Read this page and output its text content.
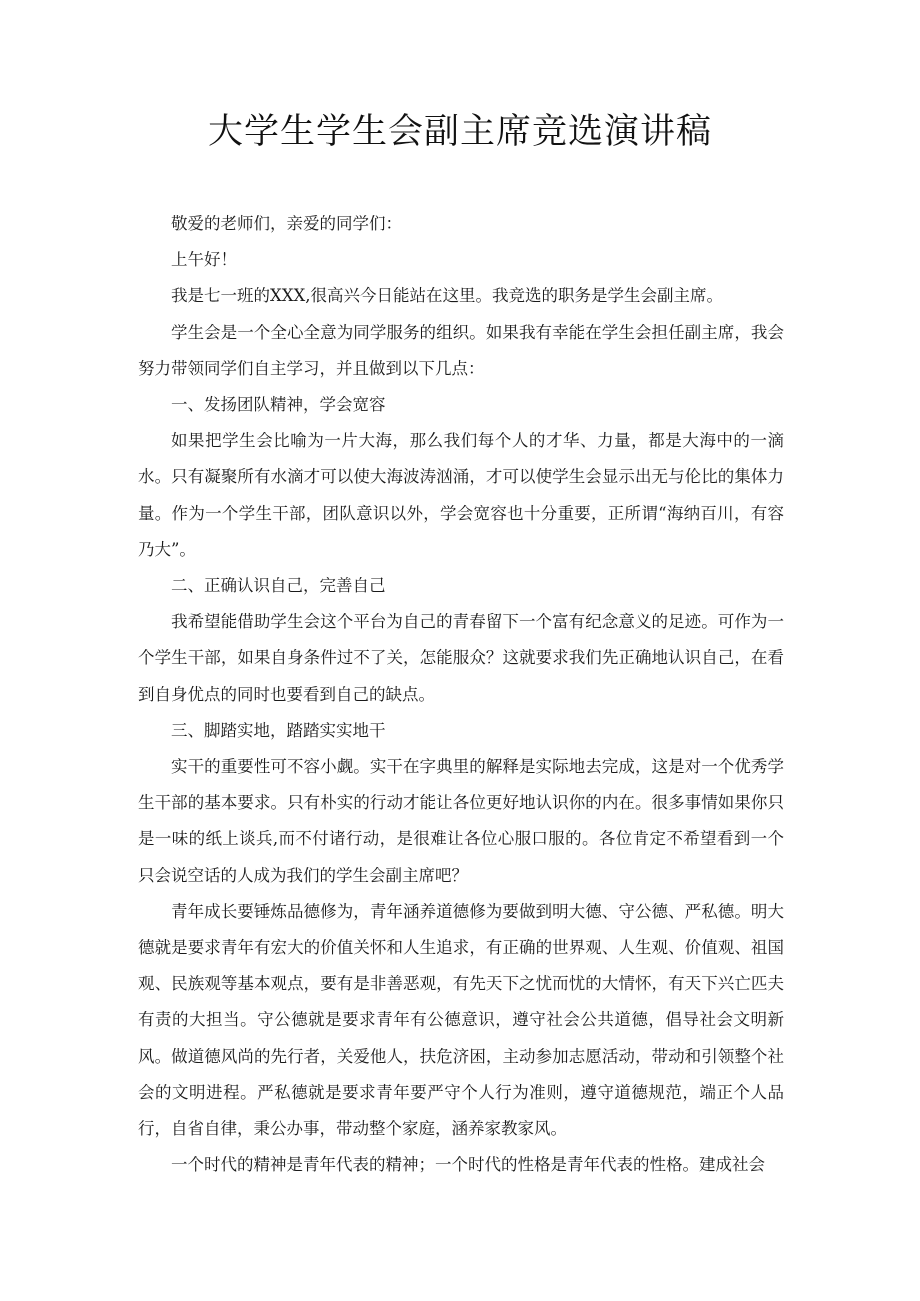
大学生学生会副主席竞选演讲稿

敬爱的老师们，亲爱的同学们：

上午好！

我是七一班的XXX,很高兴今日能站在这里。我竞选的职务是学生会副主席。

学生会是一个全心全意为同学服务的组织。如果我有幸能在学生会担任副主席，我会努力带领同学们自主学习，并且做到以下几点：

一、发扬团队精神，学会宽容

如果把学生会比喻为一片大海，那么我们每个人的才华、力量，都是大海中的一滴水。只有凝聚所有水滴才可以使大海波涛汹涌，才可以使学生会显示出无与伦比的集体力量。作为一个学生干部，团队意识以外，学会宽容也十分重要，正所谓“海纳百川，有容乃大”。

二、正确认识自己，完善自己

我希望能借助学生会这个平台为自己的青春留下一个富有纪念意义的足迹。可作为一个学生干部，如果自身条件过不了关，怎能服众？这就要求我们先正确地认识自己，在看到自身优点的同时也要看到自己的缺点。

三、脚踏实地，踏踏实实地干

实干的重要性可不容小觑。实干在字典里的解释是实际地去完成，这是对一个优秀学生干部的基本要求。只有朴实的行动才能让各位更好地认识你的内在。很多事情如果你只是一味的纸上谈兵,而不付诸行动，是很难让各位心服口服的。各位肯定不希望看到一个只会说空话的人成为我们的学生会副主席吧？

青年成长要锤炼品德修为，青年涵养道德修为要做到明大德、守公德、严私德。明大德就是要求青年有宏大的价值关怀和人生追求，有正确的世界观、人生观、价值观、祖国观、民族观等基本观点，要有是非善恶观，有先天下之忧而忧的大情怀，有天下兴亡匹夫有责的大担当。守公德就是要求青年有公德意识，遵守社会公共道德，倡导社会文明新风。做道德风尚的先行者，关爱他人，扶危济困，主动参加志愿活动，带动和引领整个社会的文明进程。严私德就是要求青年要严守个人行为准则，遵守道德规范，端正个人品行，自省自律，秉公办事，带动整个家庭，涵养家教家风。

一个时代的精神是青年代表的精神；一个时代的性格是青年代表的性格。建成社会
